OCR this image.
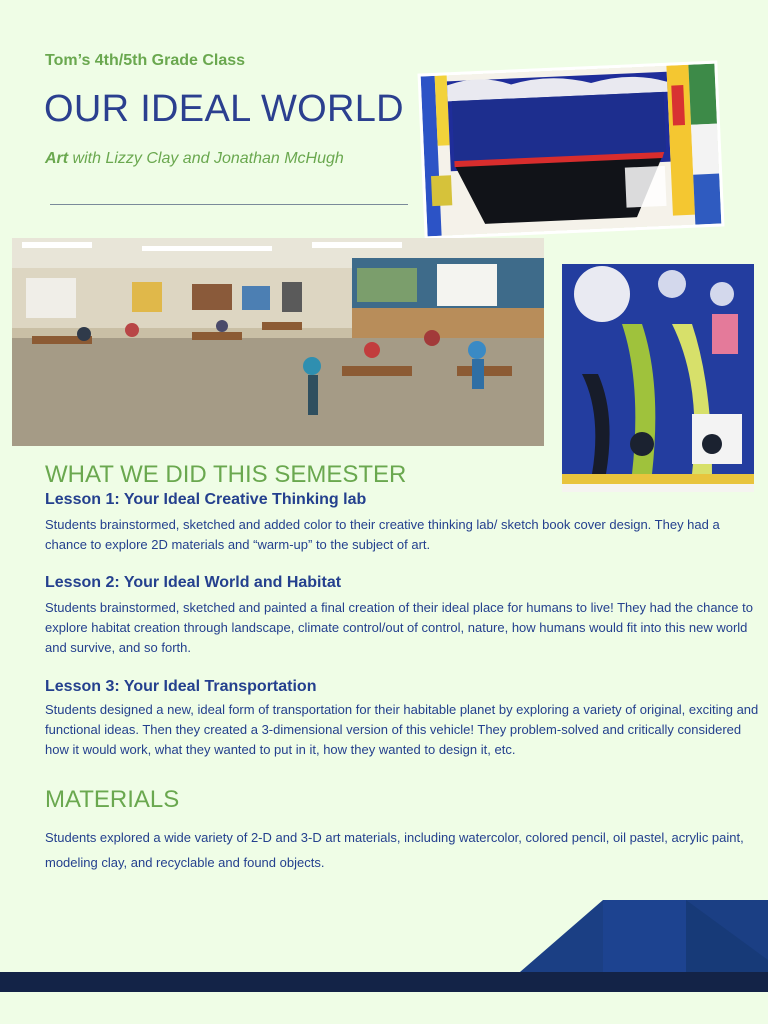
Tom’s 4th/5th Grade Class
OUR IDEAL WORLD
Art with Lizzy Clay and Jonathan McHugh
WHAT WE DID THIS SEMESTER
Lesson 1: Your Ideal Creative Thinking lab
Students brainstormed, sketched and added color to their creative thinking lab/ sketch book cover design. They had a chance to explore 2D materials and “warm-up” to the subject of art.
Lesson 2: Your Ideal World and Habitat
Students brainstormed, sketched and painted a final creation of their ideal place for humans to live! They had the chance to explore habitat creation through landscape, climate control/out of control, nature, how humans would fit into this new world and survive, and so forth.
Lesson 3: Your Ideal Transportation
Students designed a new, ideal form of transportation for their habitable planet by exploring a variety of original, exciting and functional ideas. Then they created a 3-dimensional version of this vehicle! They problem-solved and critically considered how it would work, what they wanted to put in it, how they wanted to design it, etc.
MATERIALS
Students explored a wide variety of 2-D and 3-D art materials, including watercolor, colored pencil, oil pastel, acrylic paint, modeling clay, and recyclable and found objects.
